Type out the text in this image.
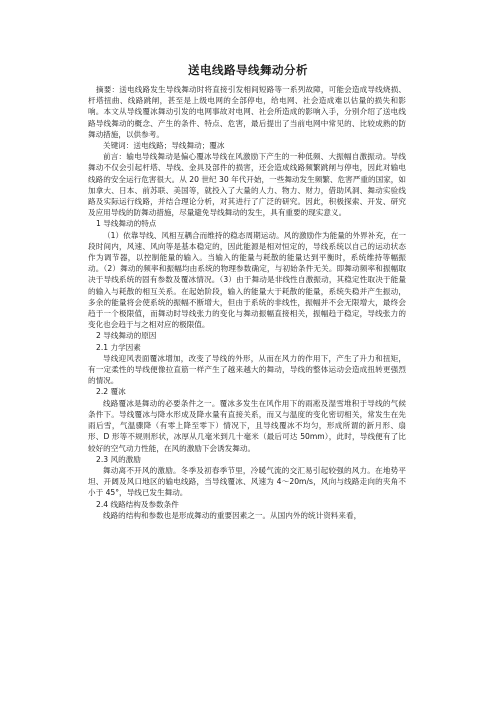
送电线路导线舞动分析

摘要：送电线路发生导线舞动时将直接引发相间短路等一系列故障，可能会造成导线烧损、杆塔扭曲、线路跳闸，甚至是上级电网的全部停电，给电网、社会造成难以估量的损失和影响。本文从导线覆冰舞动引发的电网事故对电网、社会所造成的影响入手，分别介绍了送电线路导线舞动的概念、产生的条件、特点、危害，最后提出了当前电网中常见的、比较成熟的防舞动措施，以供参考。

关键词：送电线路；导线舞动；覆冰

前言：输电导线舞动是偏心覆冰导线在风激励下产生的一种低频、大振幅自激振动。导线舞动不仅会引起杆塔、导线、金具及部件的损害，还会造成线路频繁跳闸与停电，因此对输电线路的安全运行危害很大。从 20 世纪 30 年代开始，一些舞动发生频繁、危害严重的国家，如加拿大、日本、前苏联、美国等，就投入了大量的人力、物力、财力，借助风洞、舞动实验线路及实际运行线路，并结合理论分析，对其进行了广泛的研究。因此，积极探索、开发、研究及应用导线的防舞动措施，尽量避免导线舞动的发生，具有重要的现实意义。

1 导线舞动的特点

（1）依靠导线、风相互耦合而维持的稳态周期运动。风的激励作为能量的外界补充，在一段时间内，风速、风向等是基本稳定的，因此能源是相对恒定的，导线系统以自己的运动状态作为调节器，以控制能量的输入。当输入的能量与耗散的能量达到平衡时，系统维持等幅振动。（2）舞动的频率和振幅均由系统的物理参数确定，与初始条件无关。即舞动频率和振幅取决于导线系统的固有参数及覆冰情况。（3）由于舞动是非线性自激振动，其稳定性取决于能量的输入与耗散的相互关系。在起始阶段，输入的能量大于耗散的能量，系统失稳并产生振动，多余的能量将会使系统的振幅不断增大，但由于系统的非线性，振幅并不会无限增大，最终会趋于一个极限值，而舞动时导线张力的变化与舞动振幅直接相关，振幅趋于稳定，导线张力的变化也会趋于与之相对应的极限值。

2 导线舞动的原因

2.1 力学因素

导线迎风表面覆冰增加，改变了导线的外形，从而在风力的作用下，产生了升力和扭矩，有一定柔性的导线便像拉直筋一样产生了越来越大的舞动，导线的整体运动会造成扭转更强烈的情况。

2.2 覆冰

线路覆冰是舞动的必要条件之一。覆冰多发生在风作用下的雨凇及湿雪堆积于导线的气候条件下。导线覆冰与降水形成及降水量有直接关系，而又与温度的变化密切相关，常发生在先雨后雪，气温骤降（有零上降至零下）情况下，且导线覆冰不均匀，形成所谓的新月形、扇形、D 形等不规则形状，冰厚从几毫米到几十毫米（最后可达 50mm），此时，导线便有了比较好的空气动力性能，在风的激励下会诱发舞动。

2.3 风的激励

舞动离不开风的激励。冬季及初春季节里，冷暖气流的交汇易引起较强的风力。在地势平坦、开阔及风口地区的输电线路，当导线覆冰、风速为 4～20m/s，风向与线路走向的夹角不小于 45°，导线已发生舞动。

2.4 线路结构及参数条件

线路的结构和参数也是形成舞动的重要因素之一。从国内外的统计资料来看，
